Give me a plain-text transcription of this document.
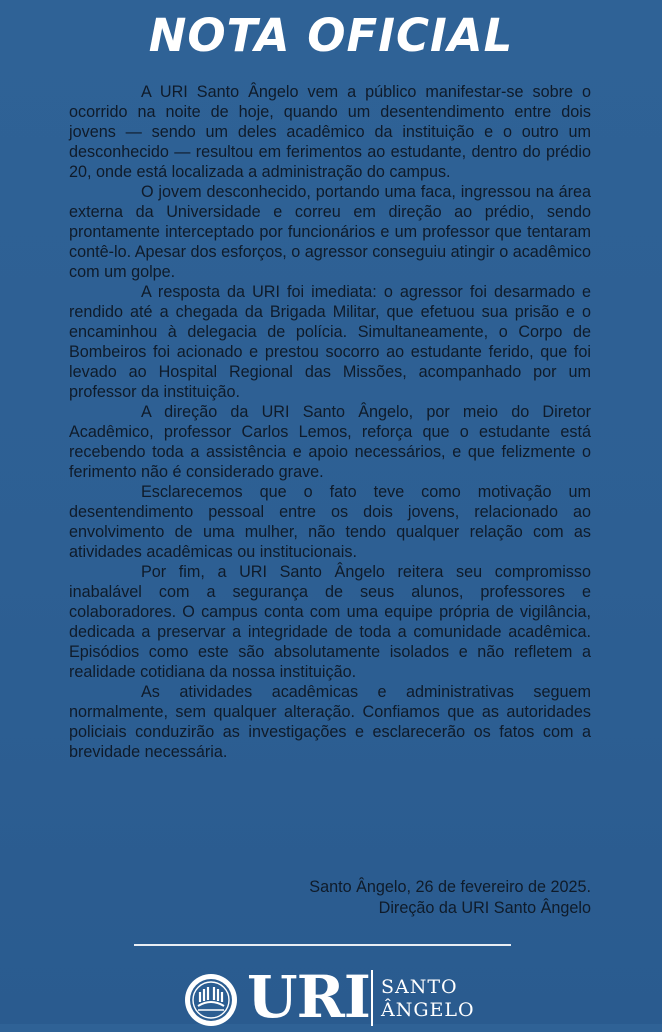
NOTA OFICIAL

A URI Santo Ângelo vem a público manifestar-se sobre o ocorrido na noite de hoje, quando um desentendimento entre dois jovens — sendo um deles acadêmico da instituição e o outro um desconhecido — resultou em ferimentos ao estudante, dentro do prédio 20, onde está localizada a administração do campus.

O jovem desconhecido, portando uma faca, ingressou na área externa da Universidade e correu em direção ao prédio, sendo prontamente interceptado por funcionários e um professor que tentaram contê-lo. Apesar dos esforços, o agressor conseguiu atingir o acadêmico com um golpe.

A resposta da URI foi imediata: o agressor foi desarmado e rendido até a chegada da Brigada Militar, que efetuou sua prisão e o encaminhou à delegacia de polícia. Simultaneamente, o Corpo de Bombeiros foi acionado e prestou socorro ao estudante ferido, que foi levado ao Hospital Regional das Missões, acompanhado por um professor da instituição.

A direção da URI Santo Ângelo, por meio do Diretor Acadêmico, professor Carlos Lemos, reforça que o estudante está recebendo toda a assistência e apoio necessários, e que felizmente o ferimento não é considerado grave.

Esclarecemos que o fato teve como motivação um desentendimento pessoal entre os dois jovens, relacionado ao envolvimento de uma mulher, não tendo qualquer relação com as atividades acadêmicas ou institucionais.

Por fim, a URI Santo Ângelo reitera seu compromisso inabalável com a segurança de seus alunos, professores e colaboradores. O campus conta com uma equipe própria de vigilância, dedicada a preservar a integridade de toda a comunidade acadêmica. Episódios como este são absolutamente isolados e não refletem a realidade cotidiana da nossa instituição.

As atividades acadêmicas e administrativas seguem normalmente, sem qualquer alteração. Confiamos que as autoridades policiais conduzirão as investigações e esclarecerão os fatos com a brevidade necessária.

Santo Ângelo, 26 de fevereiro de 2025.
Direção da URI Santo Ângelo
URI SANTO
ÂNGELO
